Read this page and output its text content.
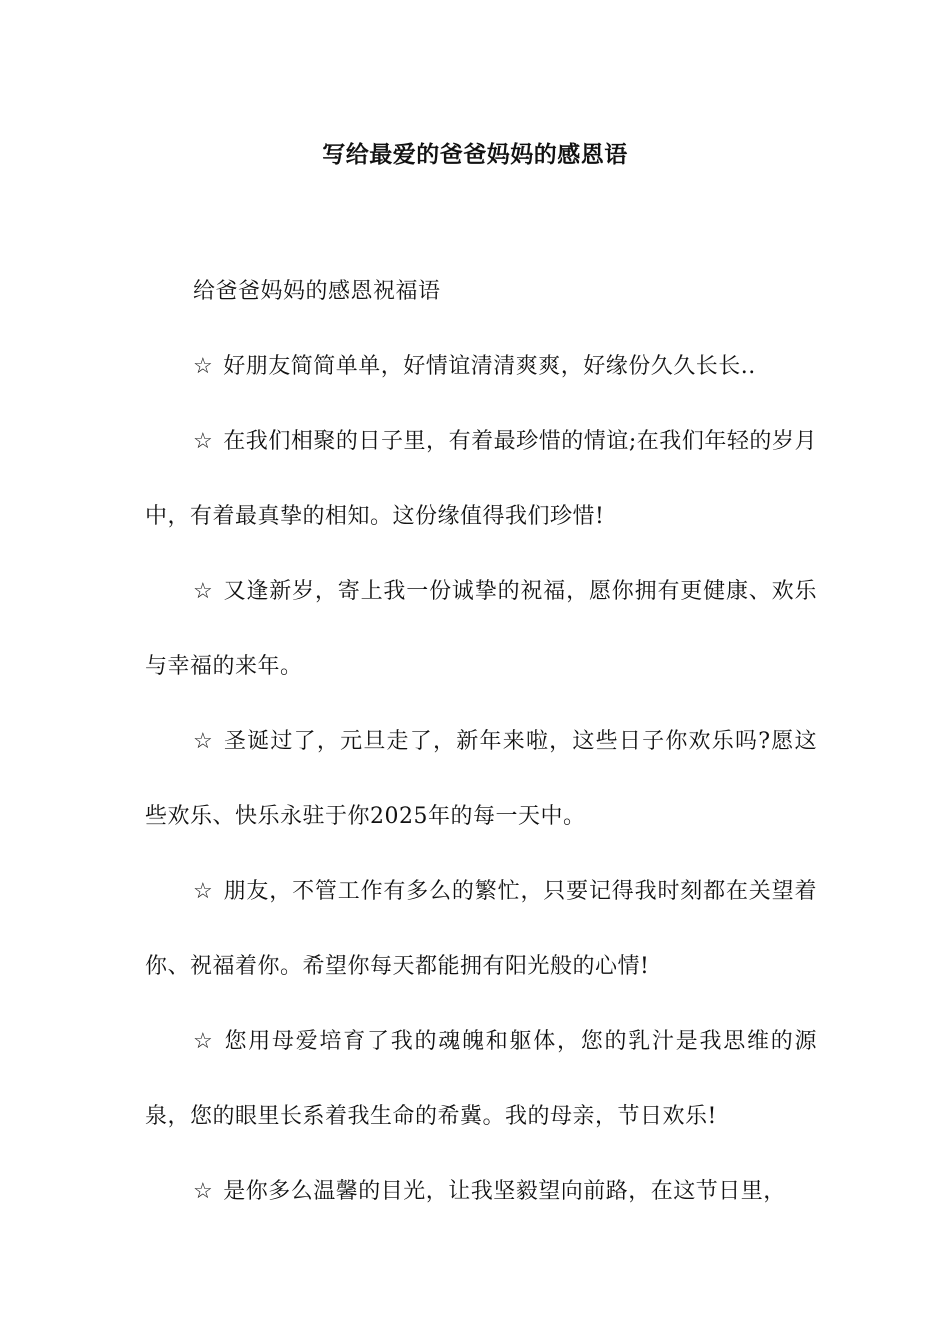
写给最爱的爸爸妈妈的感恩语

给爸爸妈妈的感恩祝福语

☆ 好朋友简简单单，好情谊清清爽爽，好缘份久久长长..

☆ 在我们相聚的日子里，有着最珍惜的情谊;在我们年轻的岁月中，有着最真挚的相知。这份缘值得我们珍惜!

☆ 又逢新岁，寄上我一份诚挚的祝福，愿你拥有更健康、欢乐与幸福的来年。

☆ 圣诞过了，元旦走了，新年来啦，这些日子你欢乐吗?愿这些欢乐、快乐永驻于你2025年的每一天中。

☆ 朋友，不管工作有多么的繁忙，只要记得我时刻都在关望着你、祝福着你。希望你每天都能拥有阳光般的心情!

☆ 您用母爱培育了我的魂魄和躯体，您的乳汁是我思维的源泉，您的眼里长系着我生命的希冀。我的母亲，节日欢乐!

☆ 是你多么温馨的目光，让我坚毅望向前路，在这节日里，
